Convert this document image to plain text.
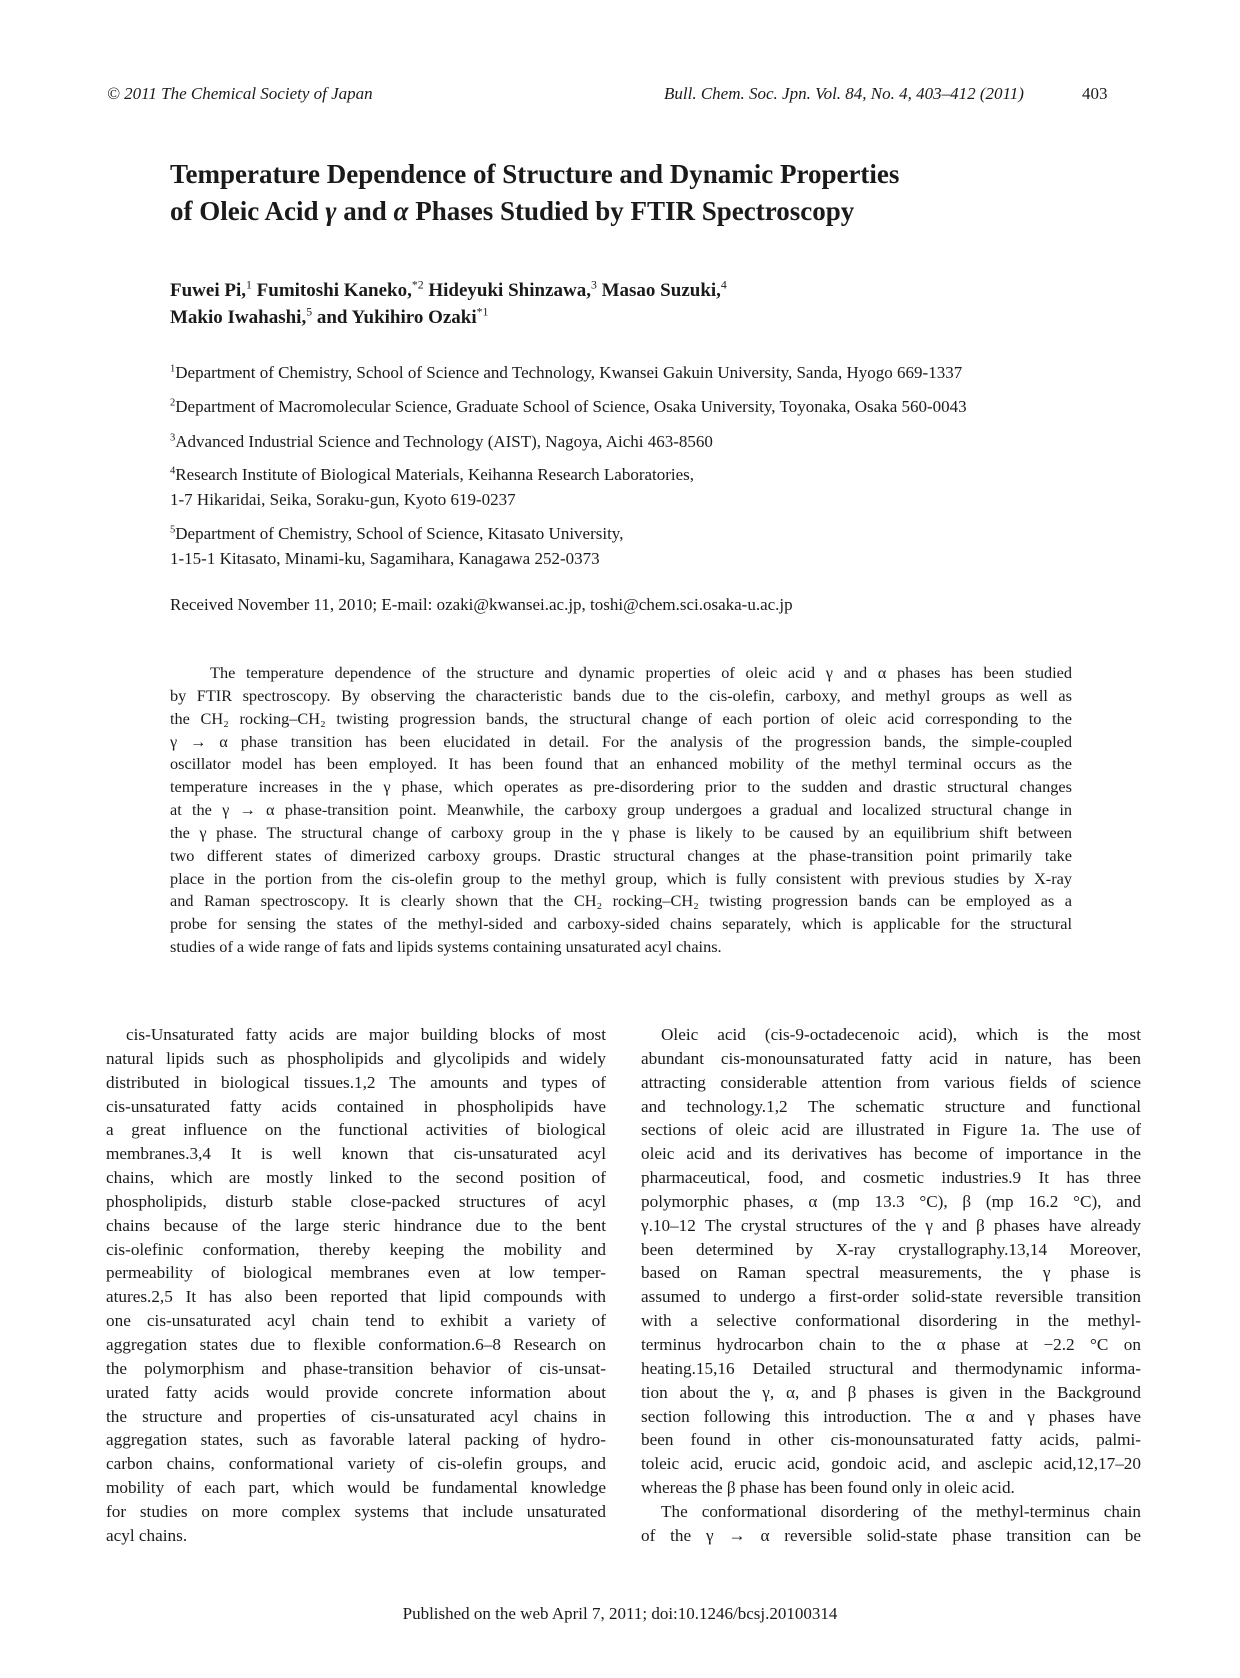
© 2011 The Chemical Society of Japan	Bull. Chem. Soc. Jpn. Vol. 84, No. 4, 403–412 (2011)	403
Temperature Dependence of Structure and Dynamic Properties
of Oleic Acid γ and α Phases Studied by FTIR Spectroscopy
Fuwei Pi,$^1$ Fumitoshi Kaneko,$^{*2}$ Hideyuki Shinzawa,$^3$ Masao Suzuki,$^4$
Makio Iwahashi,$^5$ and Yukihiro Ozaki$^{*1}$
$^1$Department of Chemistry, School of Science and Technology, Kwansei Gakuin University, Sanda, Hyogo 669-1337
$^2$Department of Macromolecular Science, Graduate School of Science, Osaka University, Toyonaka, Osaka 560-0043
$^3$Advanced Industrial Science and Technology (AIST), Nagoya, Aichi 463-8560
$^4$Research Institute of Biological Materials, Keihanna Research Laboratories,
1-7 Hikaridai, Seika, Soraku-gun, Kyoto 619-0237
$^5$Department of Chemistry, School of Science, Kitasato University,
1-15-1 Kitasato, Minami-ku, Sagamihara, Kanagawa 252-0373
Received November 11, 2010; E-mail: ozaki@kwansei.ac.jp, toshi@chem.sci.osaka-u.ac.jp
The temperature dependence of the structure and dynamic properties of oleic acid γ and α phases has been studied
by FTIR spectroscopy. By observing the characteristic bands due to the cis-olefin, carboxy, and methyl groups as well as
the CH₂ rocking–CH₂ twisting progression bands, the structural change of each portion of oleic acid corresponding to the
γ → α phase transition has been elucidated in detail. For the analysis of the progression bands, the simple-coupled
oscillator model has been employed. It has been found that an enhanced mobility of the methyl terminal occurs as the
temperature increases in the γ phase, which operates as pre-disordering prior to the sudden and drastic structural changes
at the γ → α phase-transition point. Meanwhile, the carboxy group undergoes a gradual and localized structural change in
the γ phase. The structural change of carboxy group in the γ phase is likely to be caused by an equilibrium shift between
two different states of dimerized carboxy groups. Drastic structural changes at the phase-transition point primarily take
place in the portion from the cis-olefin group to the methyl group, which is fully consistent with previous studies by X-ray
and Raman spectroscopy. It is clearly shown that the CH₂ rocking–CH₂ twisting progression bands can be employed as a
probe for sensing the states of the methyl-sided and carboxy-sided chains separately, which is applicable for the structural
studies of a wide range of fats and lipids systems containing unsaturated acyl chains.
cis-Unsaturated fatty acids are major building blocks of most
natural lipids such as phospholipids and glycolipids and widely
distributed in biological tissues.1,2 The amounts and types of
cis-unsaturated fatty acids contained in phospholipids have
a great influence on the functional activities of biological
membranes.3,4 It is well known that cis-unsaturated acyl
chains, which are mostly linked to the second position of
phospholipids, disturb stable close-packed structures of acyl
chains because of the large steric hindrance due to the bent
cis-olefinic conformation, thereby keeping the mobility and
permeability of biological membranes even at low temper-
atures.2,5 It has also been reported that lipid compounds with
one cis-unsaturated acyl chain tend to exhibit a variety of
aggregation states due to flexible conformation.6–8 Research on
the polymorphism and phase-transition behavior of cis-unsat-
urated fatty acids would provide concrete information about
the structure and properties of cis-unsaturated acyl chains in
aggregation states, such as favorable lateral packing of hydro-
carbon chains, conformational variety of cis-olefin groups, and
mobility of each part, which would be fundamental knowledge
for studies on more complex systems that include unsaturated
acyl chains.
Oleic acid (cis-9-octadecenoic acid), which is the most
abundant cis-monounsaturated fatty acid in nature, has been
attracting considerable attention from various fields of science
and technology.1,2 The schematic structure and functional
sections of oleic acid are illustrated in Figure 1a. The use of
oleic acid and its derivatives has become of importance in the
pharmaceutical, food, and cosmetic industries.9 It has three
polymorphic phases, α (mp 13.3 °C), β (mp 16.2 °C), and
γ.10–12 The crystal structures of the γ and β phases have already
been determined by X-ray crystallography.13,14 Moreover,
based on Raman spectral measurements, the γ phase is
assumed to undergo a first-order solid-state reversible transition
with a selective conformational disordering in the methyl-
terminus hydrocarbon chain to the α phase at −2.2 °C on
heating.15,16 Detailed structural and thermodynamic informa-
tion about the γ, α, and β phases is given in the Background
section following this introduction. The α and γ phases have
been found in other cis-monounsaturated fatty acids, palmi-
toleic acid, erucic acid, gondoic acid, and asclepic acid,12,17–20
whereas the β phase has been found only in oleic acid.
The conformational disordering of the methyl-terminus chain
of the γ → α reversible solid-state phase transition can be
Published on the web April 7, 2011; doi:10.1246/bcsj.20100314
